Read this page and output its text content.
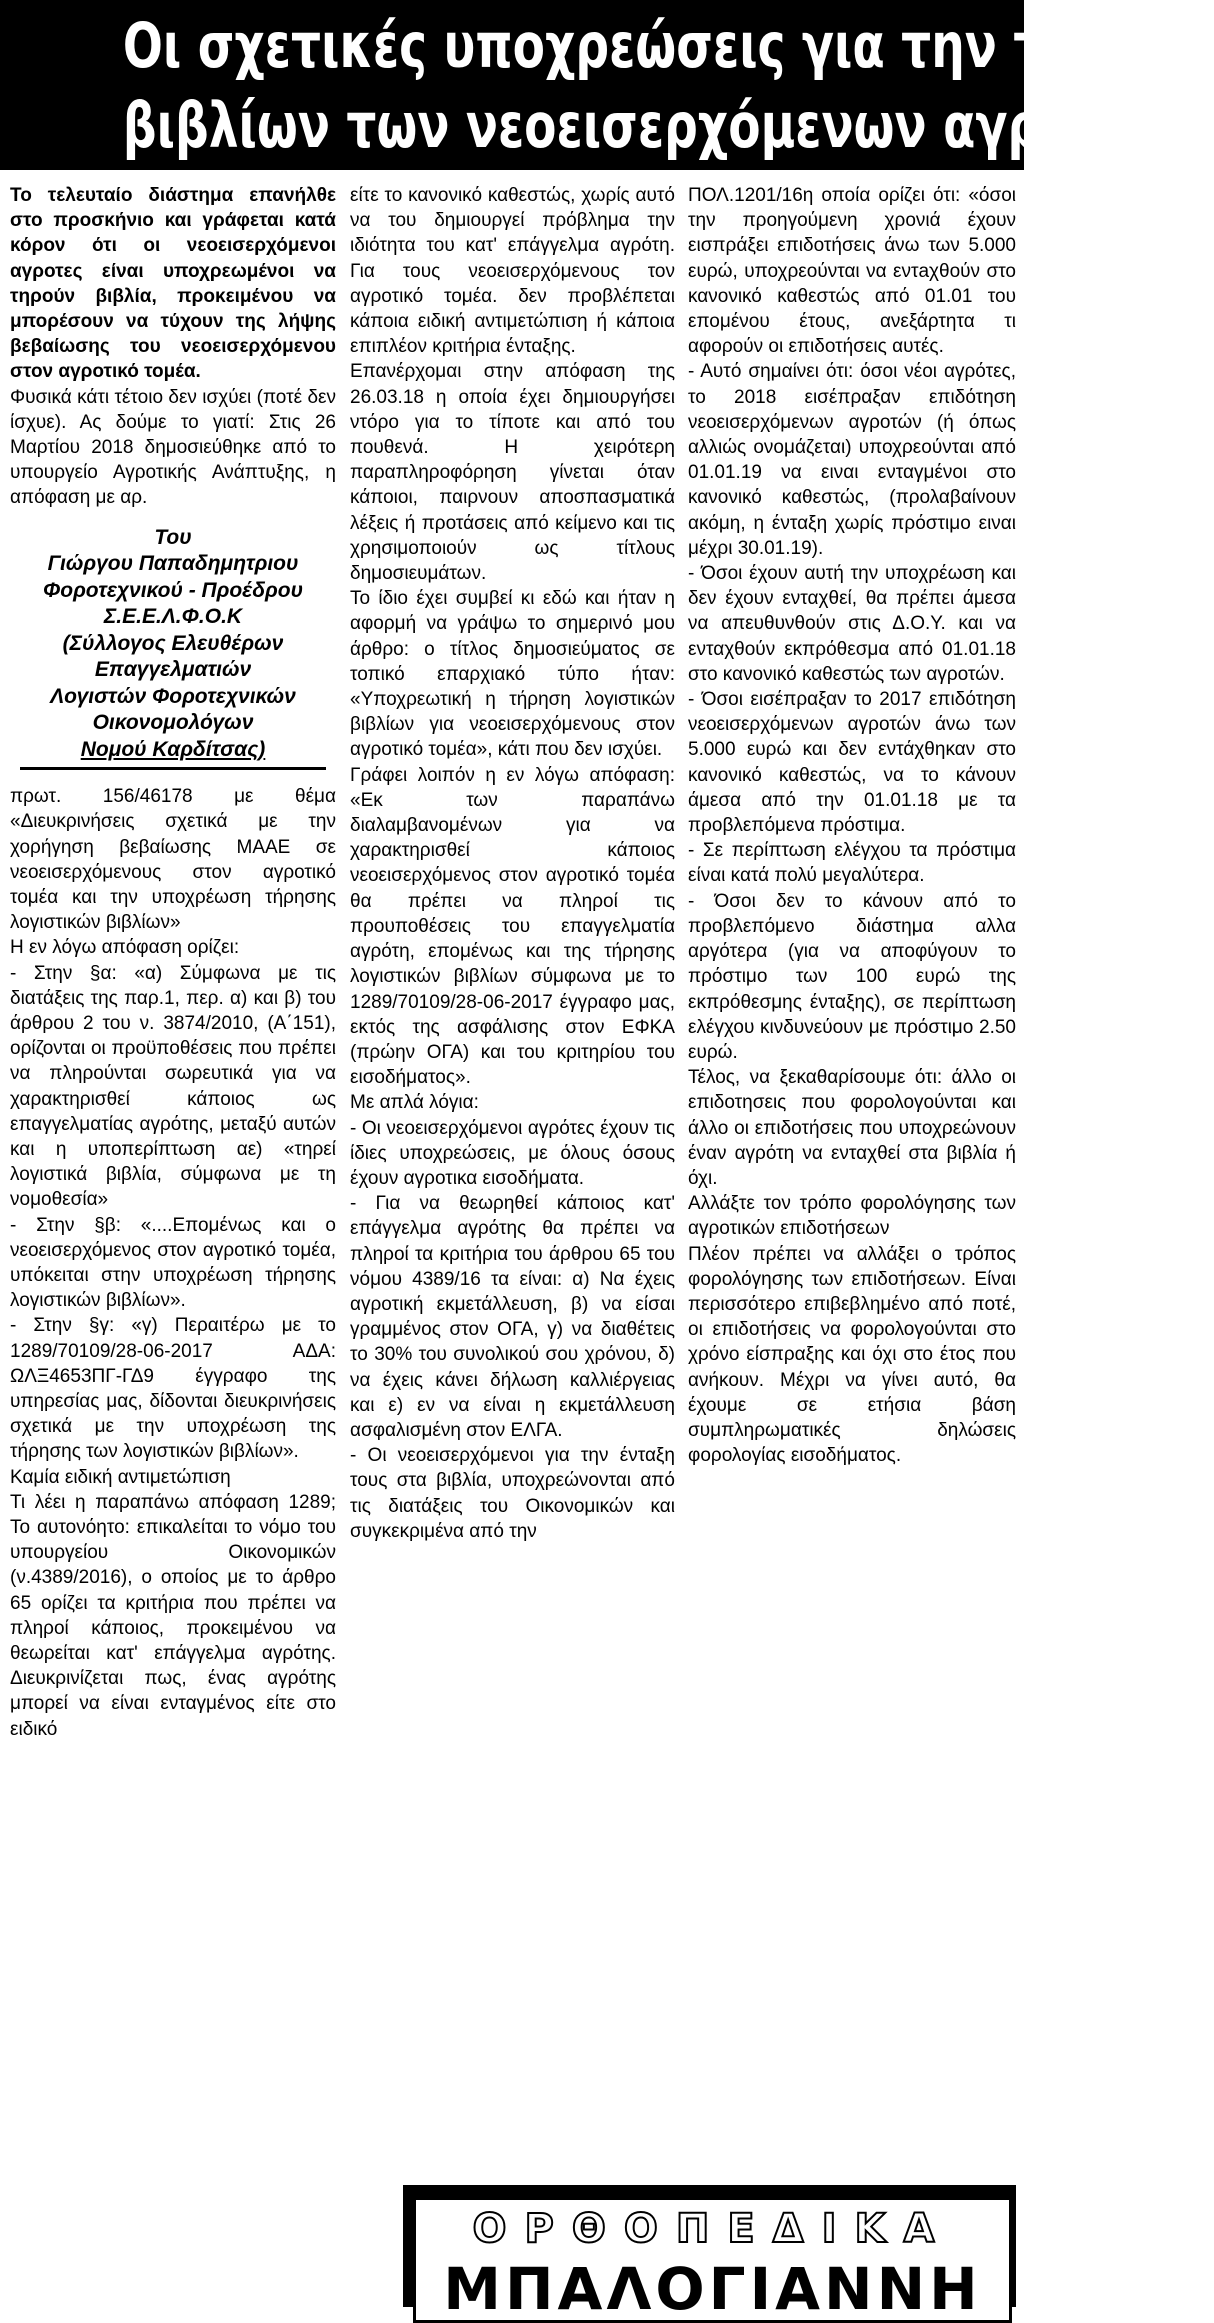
Οι σχετικές υποχρεώσεις για την τήρηση
βιβλίων των νεοεισερχόμενων αγροτών

Το τελευταίο διάστημα επανήλθε στο προσκήνιο και γράφεται κατά κόρον ότι οι νεοεισερχόμενοι αγροτες είναι υποχρεωμένοι να τηρούν βιβλία, προκειμένου να μπορέσουν να τύχουν της λήψης βεβαίωσης του νεοεισερχόμενου στον αγροτικό τομέα.

Φυσικά κάτι τέτοιο δεν ισχύει (ποτέ δεν ίσχυε). Ας δούμε το γιατί: Στις 26 Μαρτίου 2018 δημοσιεύθηκε από το υπουργείο Αγροτικής Ανάπτυξης, η απόφαση με αρ.

Του
Γιώργου Παπαδημητριου
Φοροτεχνικού - Προέδρου
Σ.Ε.Ε.Λ.Φ.Ο.Κ
(Σύλλογος Ελευθέρων
Επαγγελματιών
Λογιστών Φοροτεχνικών
Οικονομολόγων
Νομού Καρδίτσας)

πρωτ. 156/46178 με θέμα «Διευκρινήσεις σχετικά με την χορήγηση βεβαίωσης ΜΑΑΕ σε νεοεισερχόμενους στον αγροτικό τομέα και την υποχρέωση τήρησης λογιστικών βιβλίων»

Η εν λόγω απόφαση ορίζει:

- Στην §α: «α) Σύμφωνα με τις διατάξεις της παρ.1, περ. α) και β) του άρθρου 2 του ν. 3874/2010, (Α΄151), ορίζονται οι προϋποθέσεις που πρέπει να πληρούνται σωρευτικά για να χαρακτηρισθεί κάποιος ως επαγγελματίας αγρότης, μεταξύ αυτών και η υποπερίπτωση αε) «τηρεί λογιστικά βιβλία, σύμφωνα με τη νομοθεσία»

- Στην §β: «....Επομένως και ο νεοεισερχόμενος στον αγροτικό τομέα, υπόκειται στην υποχρέωση τήρησης λογιστικών βιβλίων».

- Στην §γ: «γ) Περαιτέρω με το 1289/70109/28-06-2017 ΑΔΑ: ΩΛΞ4653ΠΓ-ΓΔ9 έγγραφο της υπηρεσίας μας, δίδονται διευκρινήσεις σχετικά με την υποχρέωση της τήρησης των λογιστικών βιβλίων».

Καμία ειδική αντιμετώπιση

Τι λέει η παραπάνω απόφαση 1289; Το αυτονόητο: επικαλείται το νόμο του υπουργείου Οικονομικών (ν.4389/2016), ο οποίος με το άρθρο 65 ορίζει τα κριτήρια που πρέπει να πληροί κάποιος, προκειμένου να θεωρείται κατ' επάγγελμα αγρότης. Διευκρινίζεται πως, ένας αγρότης μπορεί να είναι ενταγμένος είτε στο ειδικό

είτε το κανονικό καθεστώς, χωρίς αυτό να του δημιουργεί πρόβλημα την ιδιότητα του κατ' επάγγελμα αγρότη. Για τους νεοεισερχόμενους τον αγροτικό τομέα. δεν προβλέπεται κάποια ειδική αντιμετώπιση ή κάποια επιπλέον κριτήρια ένταξης.

Επανέρχομαι στην απόφαση της 26.03.18 η οποία έχει δημιουργήσει ντόρο για το τίποτε και από του πουθενά. Η χειρότερη παραπληροφόρηση γίνεται όταν κάποιοι, παιρνουν αποσπασματικά λέξεις ή προτάσεις από κείμενο και τις χρησιμοποιούν ως τίτλους δημοσιευμάτων.

Το ίδιο έχει συμβεί κι εδώ και ήταν η αφορμή να γράψω το σημερινό μου άρθρο: ο τίτλος δημοσιεύματος σε τοπικό επαρχιακό τύπο ήταν: «Υποχρεωτική η τήρηση λογιστικών βιβλίων για νεοεισερχόμενους στον αγροτικό τομέα», κάτι που δεν ισχύει.

Γράφει λοιπόν η εν λόγω απόφαση: «Εκ των παραπάνω διαλαμβανομένων για να χαρακτηρισθεί κάποιος νεοεισερχόμενος στον αγροτικό τομέα θα πρέπει να πληροί τις προυποθέσεις του επαγγελματία αγρότη, επομένως και της τήρησης λογιστικών βιβλίων σύμφωνα με το 1289/70109/28-06-2017 έγγραφο μας, εκτός της ασφάλισης στον ΕΦΚΑ (πρώην ΟΓΑ) και του κριτηρίου του εισοδήματος».

Με απλά λόγια:

- Οι νεοεισερχόμενοι αγρότες έχουν τις ίδιες υποχρεώσεις, με όλους όσους έχουν αγροτικα εισοδήματα.

- Για να θεωρηθεί κάποιος κατ' επάγγελμα αγρότης θα πρέπει να πληροί τα κριτήρια του άρθρου 65 του νόμου 4389/16 τα είναι: α) Να έχεις αγροτική εκμετάλλευση, β) να είσαι γραμμένος στον ΟΓΑ, γ) να διαθέτεις το 30% του συνολικού σου χρόνου, δ) να έχεις κάνει δήλωση καλλιέργειας και ε) εν να είναι η εκμετάλλευση ασφαλισμένη στον ΕΛΓΑ.

- Οι νεοεισερχόμενοι για την ένταξη τους στα βιβλία, υποχρεώνονται από τις διατάξεις του Οικονομικών και συγκεκριμένα από την

ΠΟΛ.1201/16η οποία ορίζει ότι: «όσοι την προηγούμενη χρονιά έχουν εισπράξει επιδοτήσεις άνω των 5.000 ευρώ, υποχρεούνται να εντaχθούν στο κανονικό καθεστώς από 01.01 του επομένου έτους, ανεξάρτητα τι αφορούν οι επιδοτήσεις αυτές.

- Αυτό σημαίνει ότι: όσοι νέοι αγρότες, το 2018 εισέπραξαν επιδότηση νεοεισερχόμενων αγροτών (ή όπως αλλιώς ονομάζεται) υποχρεούνται από 01.01.19 να ειναι ενταγμένοι στο κανονικό καθεστώς, (προλαβαίνουν ακόμη, η ένταξη χωρίς πρόστιμο ειναι μέχρι 30.01.19).

- Όσοι έχουν αυτή την υποχρέωση και δεν έχουν ενταχθεί, θα πρέπει άμεσα να απευθυνθούν στις Δ.Ο.Υ. και να ενταχθούν εκπρόθεσμα από 01.01.18 στο κανονικό καθεστώς των αγροτών.

- Όσοι εισέπραξαν το 2017 επιδότηση νεοεισερχόμενων αγροτών άνω των 5.000 ευρώ και δεν εντάχθηκαν στο κανονικό καθεστώς, να το κάνουν άμεσα από την 01.01.18 με τα προβλεπόμενα πρόστιμα.

- Σε περίπτωση ελέγχου τα πρόστιμα είναι κατά πολύ μεγαλύτερα.

- Όσοι δεν το κάνουν από το προβλεπόμενο διάστημα αλλα αργότερα (για να αποφύγουν το πρόστιμο των 100 ευρώ της εκπρόθεσμης ένταξης), σε περίπτωση ελέγχου κινδυνεύουν με πρόστιμο 2.50 ευρώ.

Τέλος, να ξεκαθαρίσουμε ότι: άλλο οι επιδοτησεις που φορολογούνται και άλλο οι επιδοτήσεις που υποχρεώνουν έναν αγρότη να ενταχθεί στα βιβλία ή όχι.

Αλλάξτε τον τρόπο φορολόγησης των αγροτικών επιδοτήσεων

Πλέον πρέπει να αλλάξει ο τρόπος φορολόγησης των επιδοτήσεων. Είναι περισσότερο επιβεβλημένο από ποτέ, οι επιδοτήσεις να φορολογούνται στο χρόνο είσπραξης και όχι στο έτος που ανήκουν. Μέχρι να γίνει αυτό, θα έχουμε σε ετήσια βάση συμπληρωματικές δηλώσεις φορολογίας εισοδήματος.

ΟΡΘΟΠΕΔΙΚΑ
ΜΠΑΛΟΓΙΑΝΝΗ
